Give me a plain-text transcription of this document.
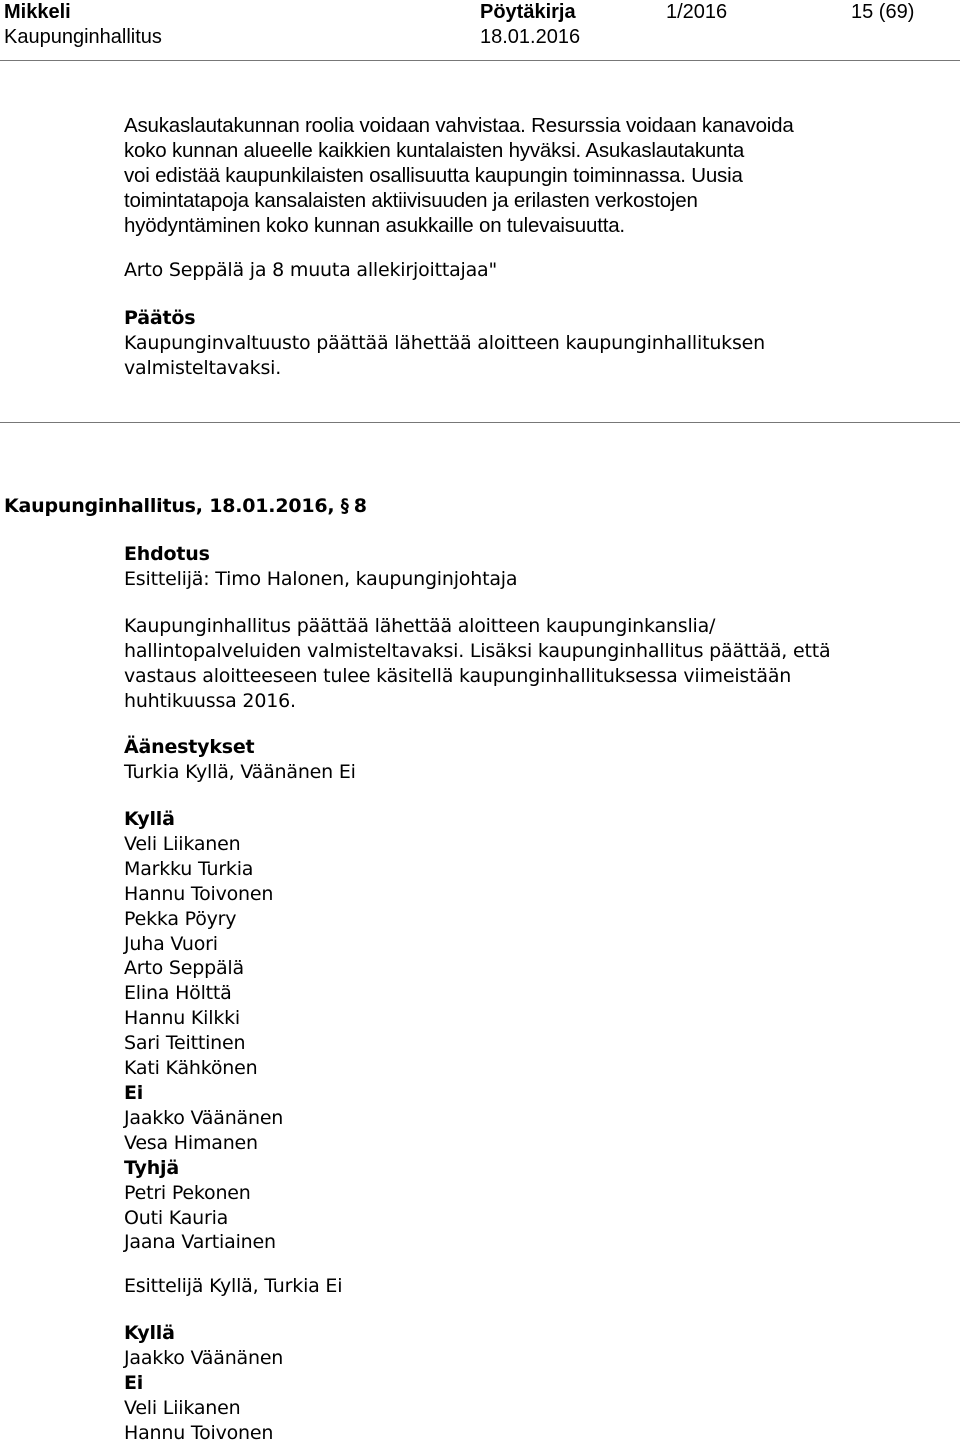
Mikkeli
Kaupunginhallitus
Pöytäkirja
18.01.2016
1/2016	15 (69)
Asukaslautakunnan roolia voidaan vahvistaa. Resurssia voidaan kanavoida
koko kunnan alueelle kaikkien kuntalaisten hyväksi. Asukaslautakunta
voi edistää kaupunkilaisten osallisuutta kaupungin toiminnassa. Uusia
toimintatapoja kansalaisten aktiivisuuden ja erilasten verkostojen
hyödyntäminen koko kunnan asukkaille on tulevaisuutta.
Arto Seppälä ja 8 muuta allekirjoittajaa"
Päätös
Kaupunginvaltuusto päättää lähettää aloitteen kaupunginhallituksen
valmisteltavaksi.
Kaupunginhallitus, 18.01.2016, § 8
Ehdotus
Esittelijä: Timo Halonen, kaupunginjohtaja
Kaupunginhallitus päättää lähettää aloitteen kaupunginkanslia/
hallintopalveluiden valmisteltavaksi. Lisäksi kaupunginhallitus päättää, että
vastaus aloitteeseen tulee käsitellä kaupunginhallituksessa viimeistään
huhtikuussa 2016.
Äänestykset
Turkia Kyllä, Väänänen Ei
Kyllä
Veli Liikanen
Markku Turkia
Hannu Toivonen
Pekka Pöyry
Juha Vuori
Arto Seppälä
Elina Hölttä
Hannu Kilkki
Sari Teittinen
Kati Kähkönen
Ei
Jaakko Väänänen
Vesa Himanen
Tyhjä
Petri Pekonen
Outi Kauria
Jaana Vartiainen
Esittelijä Kyllä, Turkia Ei
Kyllä
Jaakko Väänänen
Ei
Veli Liikanen
Hannu Toivonen
